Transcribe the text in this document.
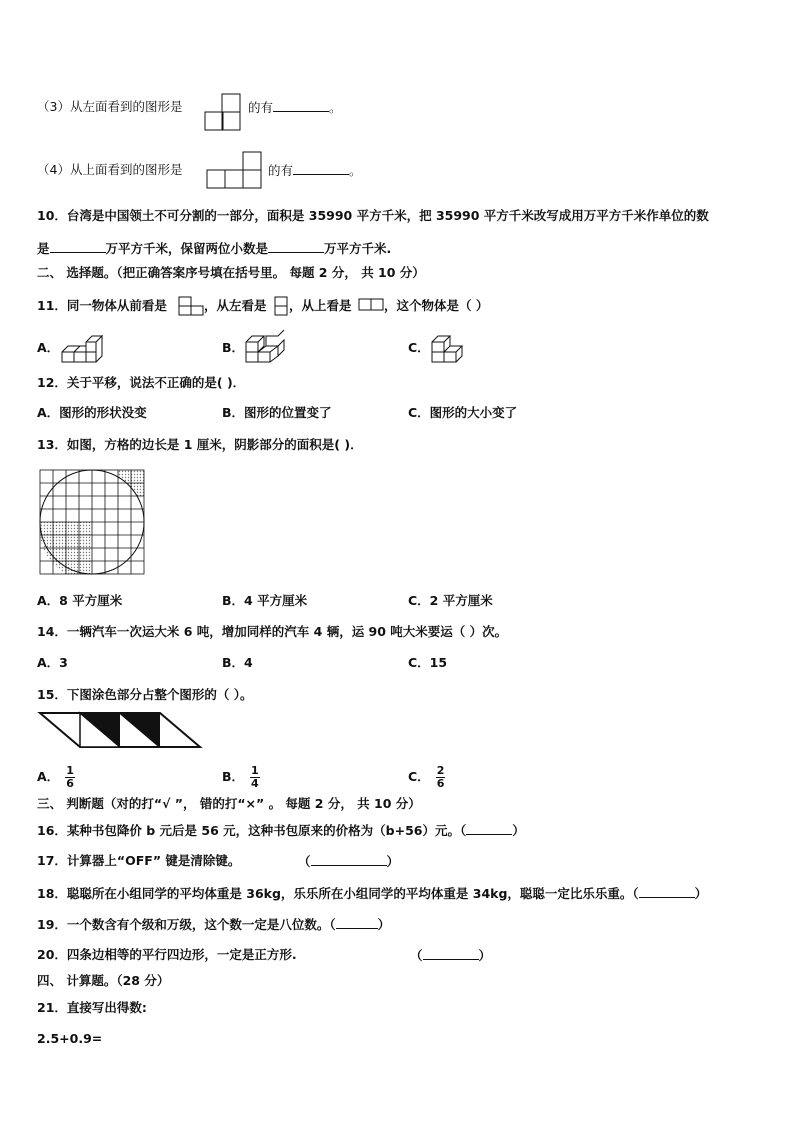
（3）从左面看到的图形是	的有	。
（4）从上面看到的图形是	的有	。
10．台湾是中国领土不可分割的一部分，面积是 35990 平方千米，把 35990 平方千米改写成用万平方千米作单位的数
是	万平方千米，保留两位小数是	万平方千米.
二、 选择题。（把正确答案序号填在括号里。 每题 2 分， 共 10 分）
11．同一物体从前看是	，从左看是 ，从上看是	，这个物体是（ ）
A．	B．	C．
12．关于平移，说法不正确的是( )．
A．图形的形状没变	B．图形的位置变了	C．图形的大小变了
13．如图，方格的边长是 1 厘米，阴影部分的面积是( )．
A．8 平方厘米	B．4 平方厘米	C．2 平方厘米
14．一辆汽车一次运大米 6 吨，增加同样的汽车 4 辆，运 90 吨大米要运（ ）次。
A．3	B．4	C．15
15．下图涂色部分占整个图形的（ ）。
A． $\frac{1}{6}$	B． $\frac{1}{4}$	C． $\frac{2}{6}$
三、 判断题（对的打“√ ”， 错的打“×” 。 每题 2 分， 共 10 分）
16．某种书包降价 b 元后是 56 元，这种书包原来的价格为（b+56）元。（	）
17．计算器上“OFF” 键是清除键。	（	）
18．聪聪所在小组同学的平均体重是 36kg，乐乐所在小组同学的平均体重是 34kg，聪聪一定比乐乐重。（	）
19．一个数含有个级和万级，这个数一定是八位数。（	）
20．四条边相等的平行四边形，一定是正方形.	（	）
四、 计算题。（28 分）
21．直接写出得数:
2.5+0.9=
